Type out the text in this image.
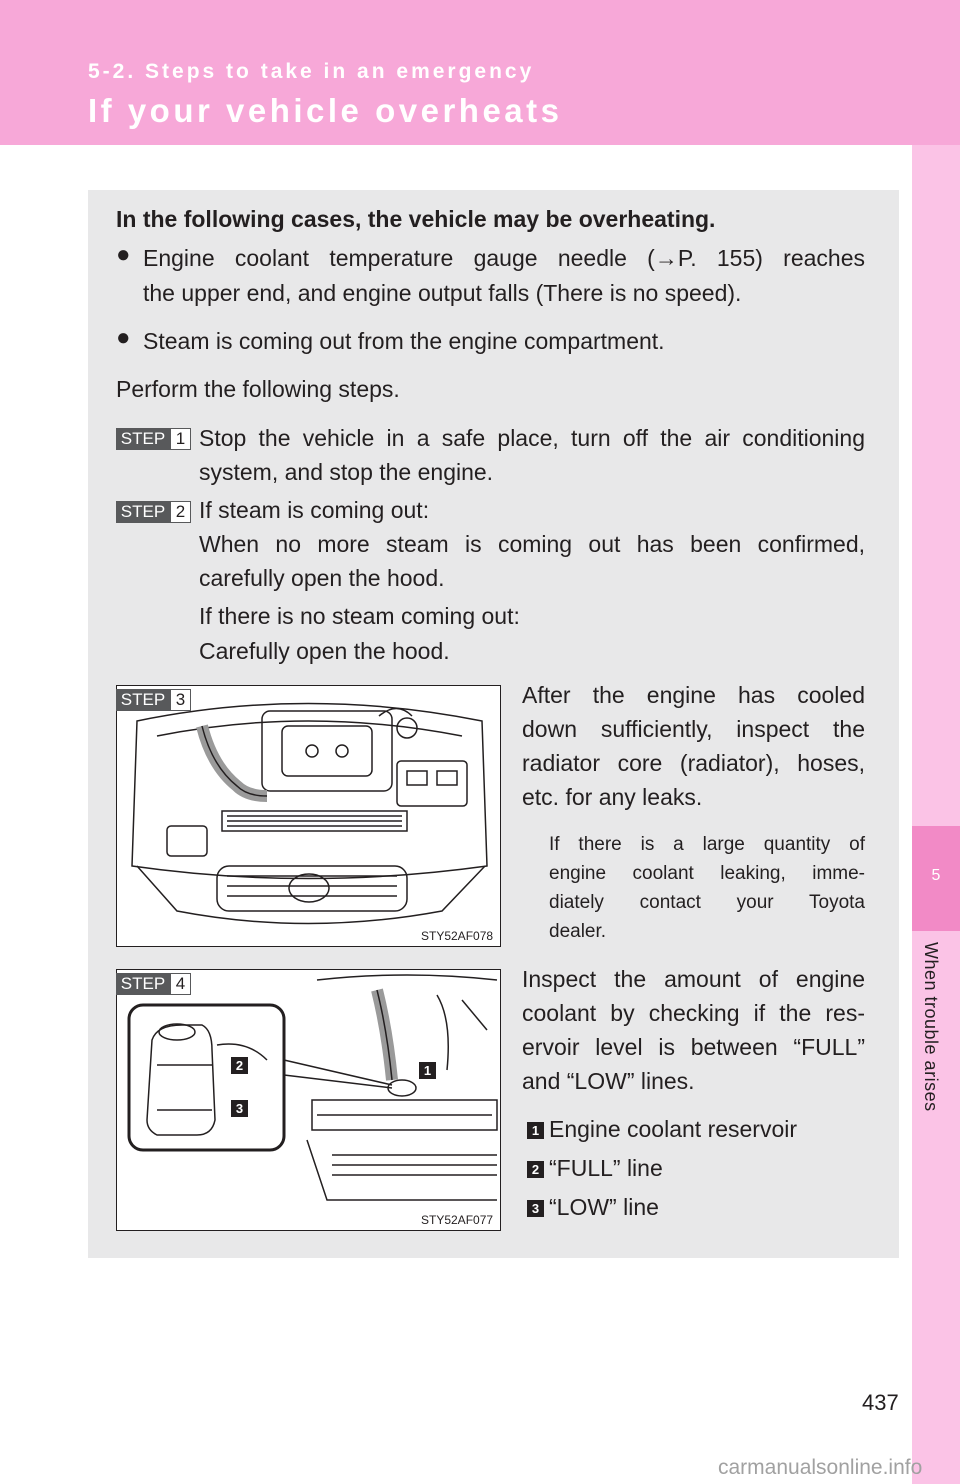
5-2. Steps to take in an emergency
If your vehicle overheats
5
When trouble arises
In the following cases, the vehicle may be overheating.
● Engine coolant temperature gauge needle (→P. 155) reaches
the upper end, and engine output falls (There is no speed).
● Steam is coming out from the engine compartment.
Perform the following steps.
STEP 1 Stop the vehicle in a safe place, turn off the air conditioning
system, and stop the engine.
STEP 2 If steam is coming out:
When no more steam is coming out has been confirmed,
carefully open the hood.
If there is no steam coming out:
Carefully open the hood.
STY52AF078
STEP 3	After the engine has cooled
down sufficiently, inspect the
radiator core (radiator), hoses,
etc. for any leaks.
If there is a large quantity of
engine coolant leaking, imme-
diately contact your Toyota
dealer.
1
2
3
STY52AF077
STEP 4	Inspect the amount of engine
coolant by checking if the res-
ervoir level is between “FULL”
and “LOW” lines.
1 Engine coolant reservoir
2 “FULL” line
3 “LOW” line
437
carmanualsonline.info
